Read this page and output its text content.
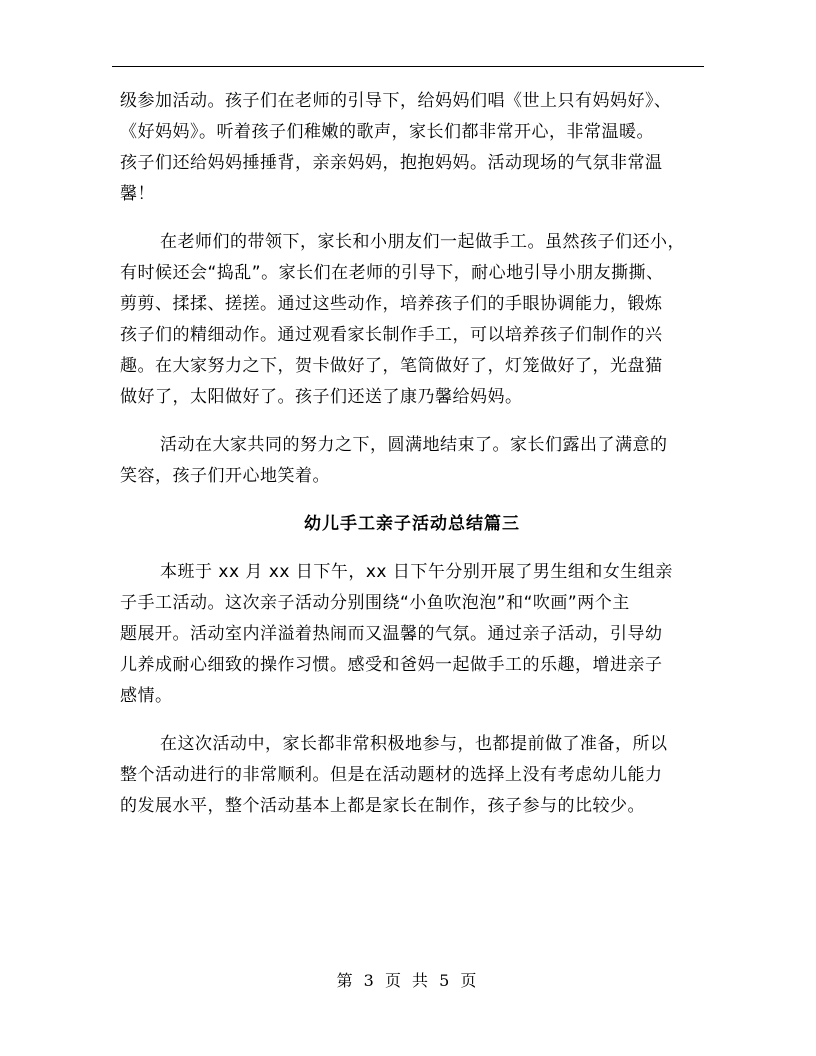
级参加活动。孩子们在老师的引导下，给妈妈们唱《世上只有妈妈好》、
《好妈妈》。听着孩子们稚嫩的歌声，家长们都非常开心，非常温暖。
孩子们还给妈妈捶捶背，亲亲妈妈，抱抱妈妈。活动现场的气氛非常温
馨！

在老师们的带领下，家长和小朋友们一起做手工。虽然孩子们还小，
有时候还会“捣乱”。家长们在老师的引导下，耐心地引导小朋友撕撕、
剪剪、揉揉、搓搓。通过这些动作，培养孩子们的手眼协调能力，锻炼
孩子们的精细动作。通过观看家长制作手工，可以培养孩子们制作的兴
趣。在大家努力之下，贺卡做好了，笔筒做好了，灯笼做好了，光盘猫
做好了，太阳做好了。孩子们还送了康乃馨给妈妈。

活动在大家共同的努力之下，圆满地结束了。家长们露出了满意的
笑容，孩子们开心地笑着。

幼儿手工亲子活动总结篇三

本班于 xx 月 xx 日下午，xx 日下午分别开展了男生组和女生组亲
子手工活动。这次亲子活动分别围绕“小鱼吹泡泡”和“吹画”两个主
题展开。活动室内洋溢着热闹而又温馨的气氛。通过亲子活动，引导幼
儿养成耐心细致的操作习惯。感受和爸妈一起做手工的乐趣，增进亲子
感情。

在这次活动中，家长都非常积极地参与，也都提前做了准备，所以
整个活动进行的非常顺利。但是在活动题材的选择上没有考虑幼儿能力
的发展水平，整个活动基本上都是家长在制作，孩子参与的比较少。

第 3 页 共 5 页
